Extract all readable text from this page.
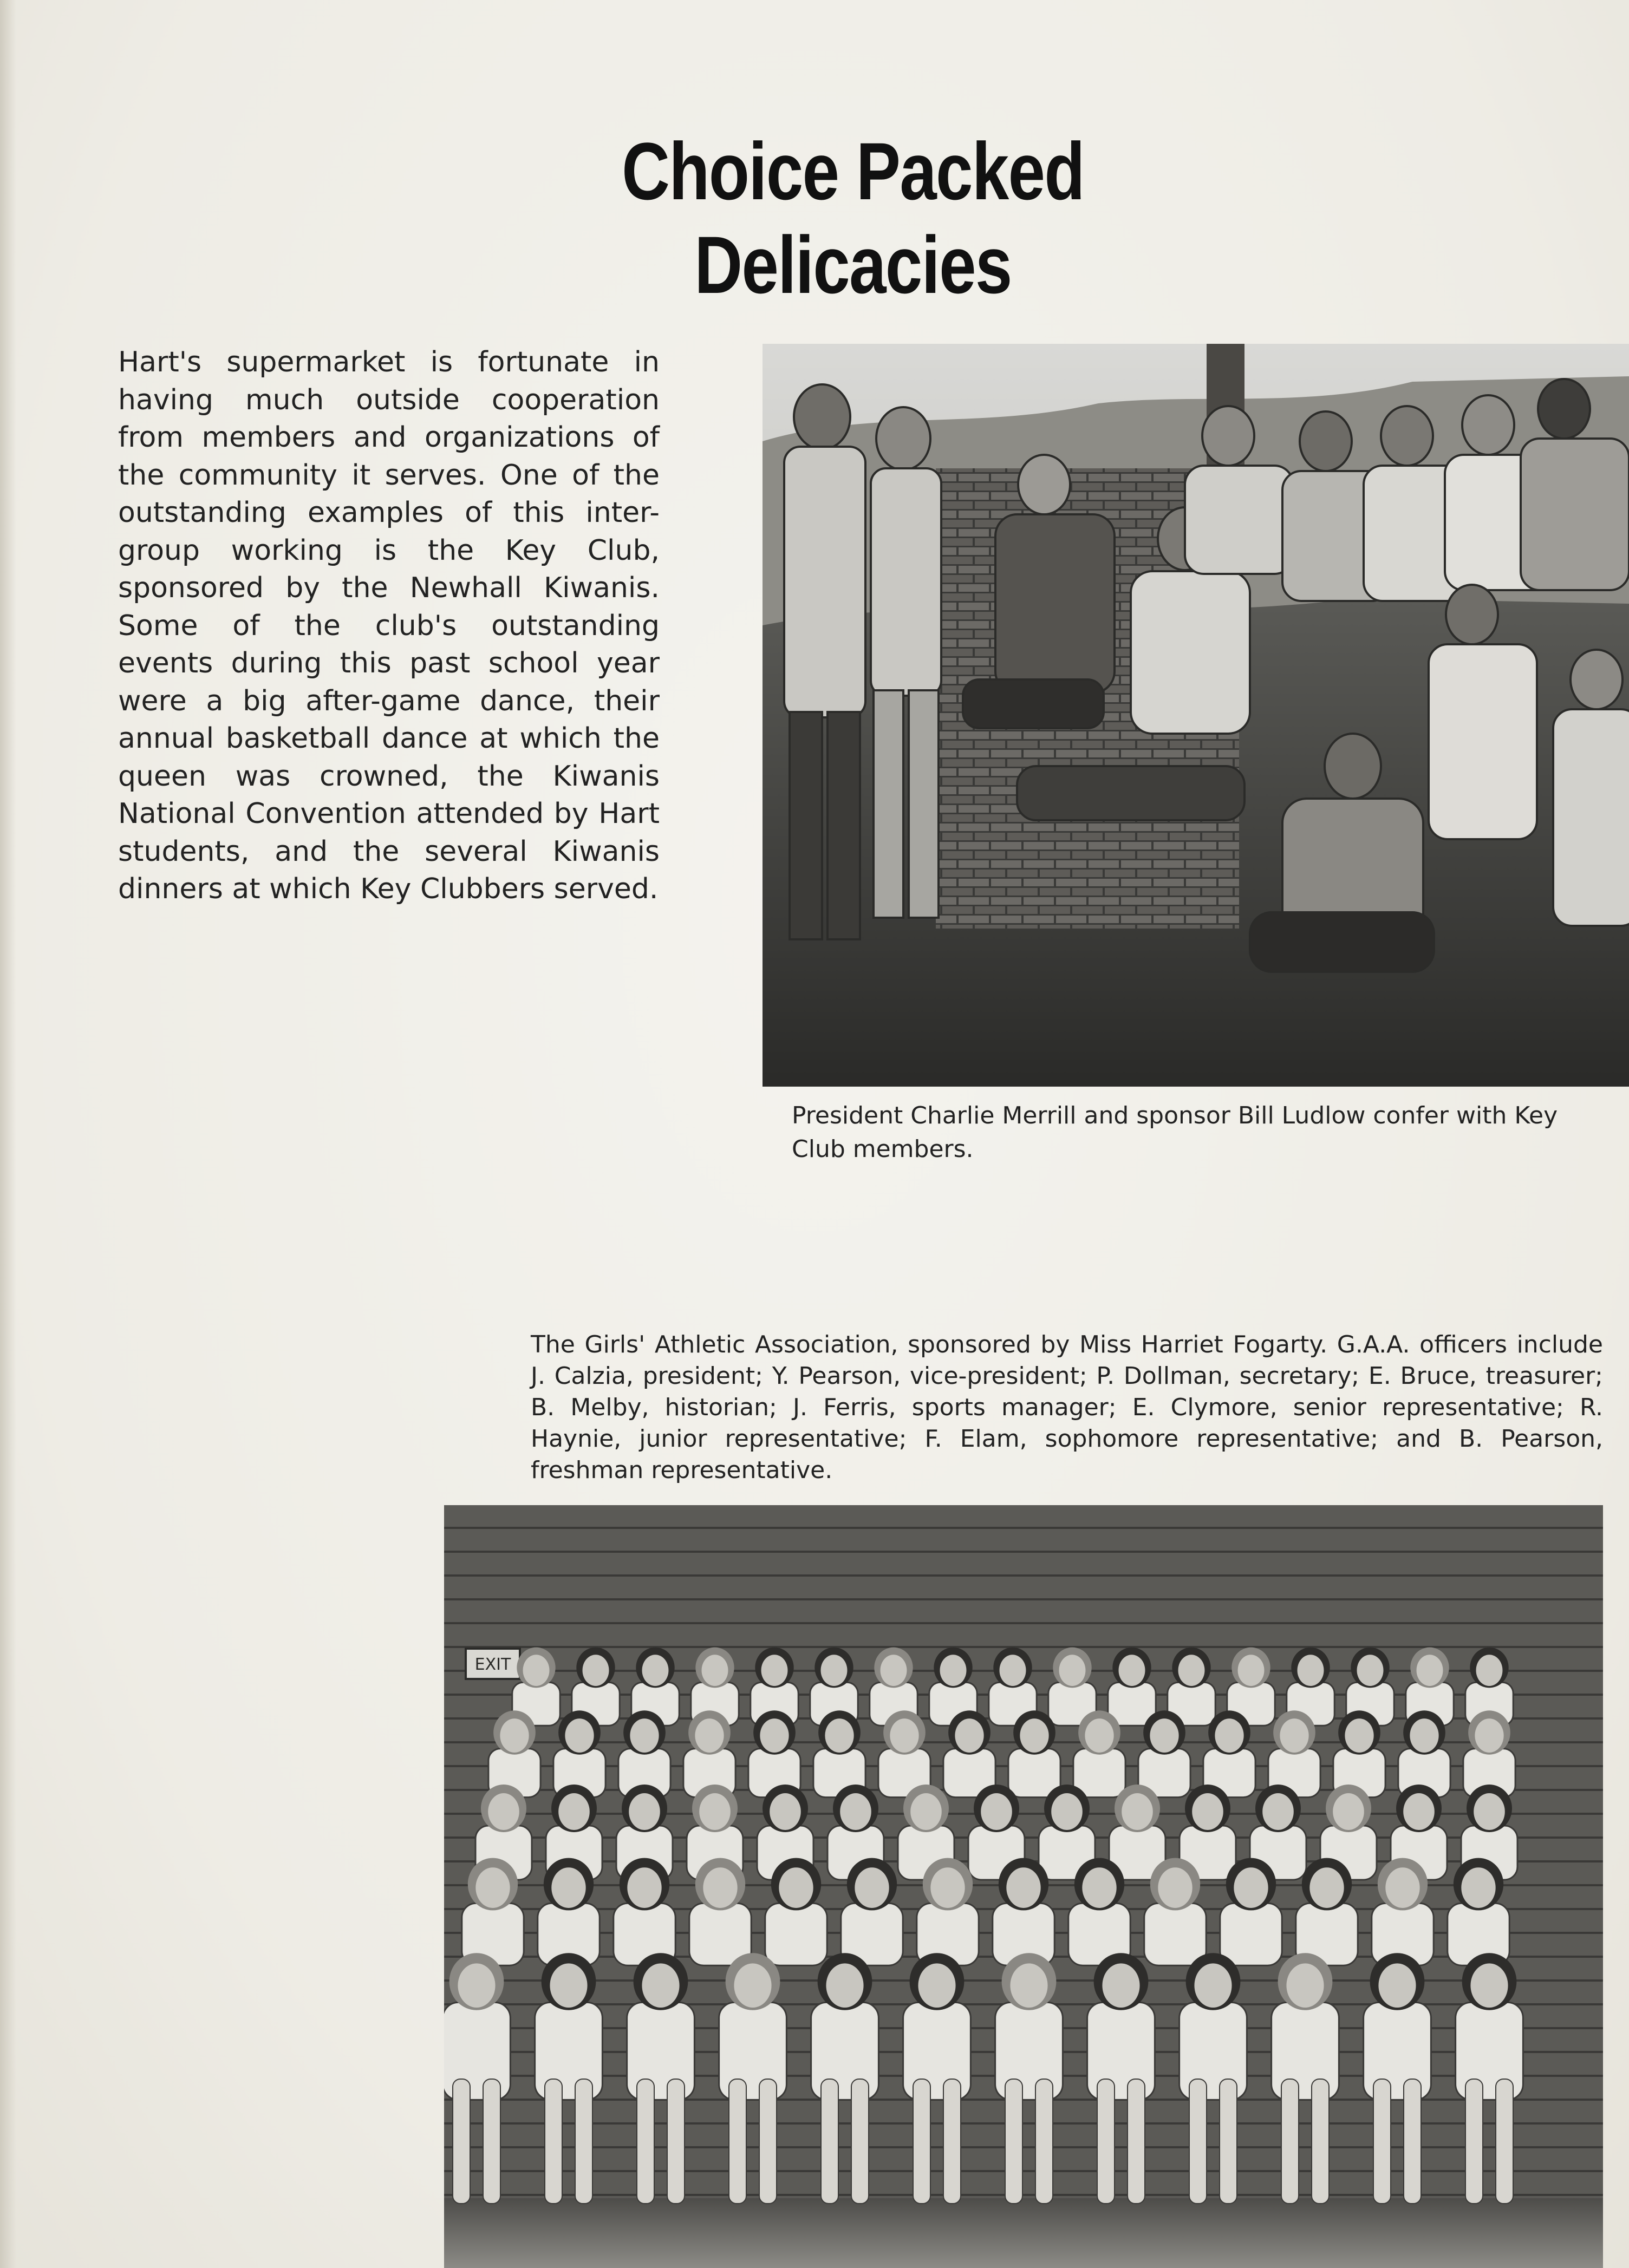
Choice Packed Delicacies
Hart's supermarket is fortunate in having much outside cooperation from members and organizations of the community it serves. One of the outstanding examples of this inter-group working is the Key Club, sponsored by the Newhall Kiwanis. Some of the club's outstanding events during this past school year were a big after-game dance, their annual basketball dance at which the queen was crowned, the Kiwanis National Convention attended by Hart students, and the several Kiwanis dinners at which Key Clubbers served.
President Charlie Merrill and sponsor Bill Ludlow confer with Key Club members.
The Girls' Athletic Association, sponsored by Miss Harriet Fogarty. G.A.A. officers include J. Calzia, president; Y. Pearson, vice-president; P. Dollman, secretary; E. Bruce, treasurer; B. Melby, historian; J. Ferris, sports manager; E. Clymore, senior representative; R. Haynie, junior representative; F. Elam, sophomore representative; and B. Pearson, freshman representative.
EXIT
